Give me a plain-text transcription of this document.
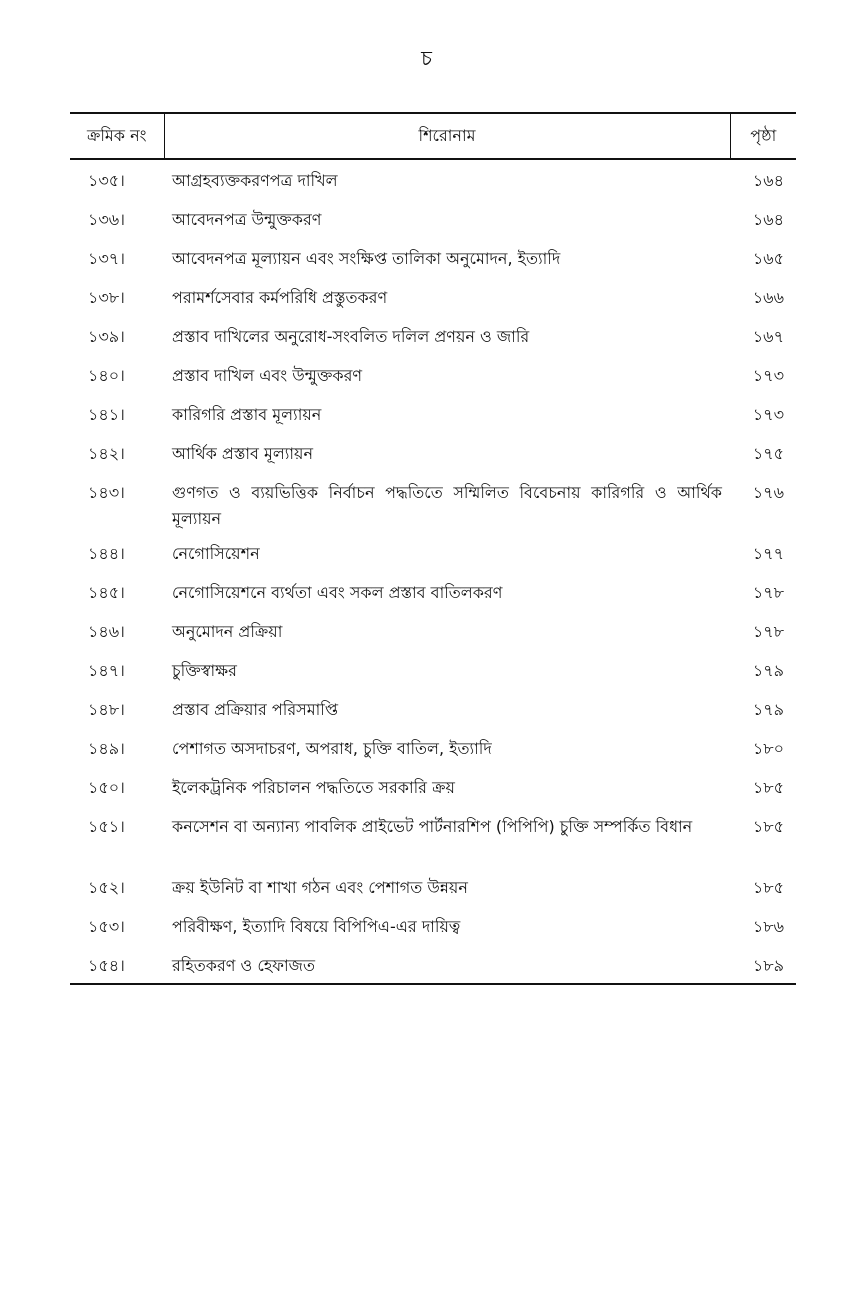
চ
ক্রমিক নং	শিরোনাম	পৃষ্ঠা
১৩৫।	আগ্রহব্যক্তকরণপত্র দাখিল	১৬৪
১৩৬।	আবেদনপত্র উন্মুক্তকরণ	১৬৪
১৩৭।	আবেদনপত্র মূল্যায়ন এবং সংক্ষিপ্ত তালিকা অনুমোদন, ইত্যাদি	১৬৫
১৩৮।	পরামর্শসেবার কর্মপরিধি প্রস্তুতকরণ	১৬৬
১৩৯।	প্রস্তাব দাখিলের অনুরোধ-সংবলিত দলিল প্রণয়ন ও জারি	১৬৭
১৪০।	প্রস্তাব দাখিল এবং উন্মুক্তকরণ	১৭৩
১৪১।	কারিগরি প্রস্তাব মূল্যায়ন	১৭৩
১৪২।	আর্থিক প্রস্তাব মূল্যায়ন	১৭৫
১৪৩।	গুণগত ও ব্যয়ভিত্তিক নির্বাচন পদ্ধতিতে সম্মিলিত বিবেচনায় কারিগরি ও আর্থিক মূল্যায়ন	১৭৬
১৪৪।	নেগোসিয়েশন	১৭৭
১৪৫।	নেগোসিয়েশনে ব্যর্থতা এবং সকল প্রস্তাব বাতিলকরণ	১৭৮
১৪৬।	অনুমোদন প্রক্রিয়া	১৭৮
১৪৭।	চুক্তিস্বাক্ষর	১৭৯
১৪৮।	প্রস্তাব প্রক্রিয়ার পরিসমাপ্তি	১৭৯
১৪৯।	পেশাগত অসদাচরণ, অপরাধ, চুক্তি বাতিল, ইত্যাদি	১৮০
১৫০।	ইলেকট্রনিক পরিচালন পদ্ধতিতে সরকারি ক্রয়	১৮৫
১৫১।	কনসেশন বা অন্যান্য পাবলিক প্রাইভেট পার্টনারশিপ (পিপিপি) চুক্তি সম্পর্কিত বিধান	১৮৫
১৫২।	ক্রয় ইউনিট বা শাখা গঠন এবং পেশাগত উন্নয়ন	১৮৫
১৫৩।	পরিবীক্ষণ, ইত্যাদি বিষয়ে বিপিপিএ-এর দায়িত্ব	১৮৬
১৫৪।	রহিতকরণ ও হেফাজত	১৮৯
